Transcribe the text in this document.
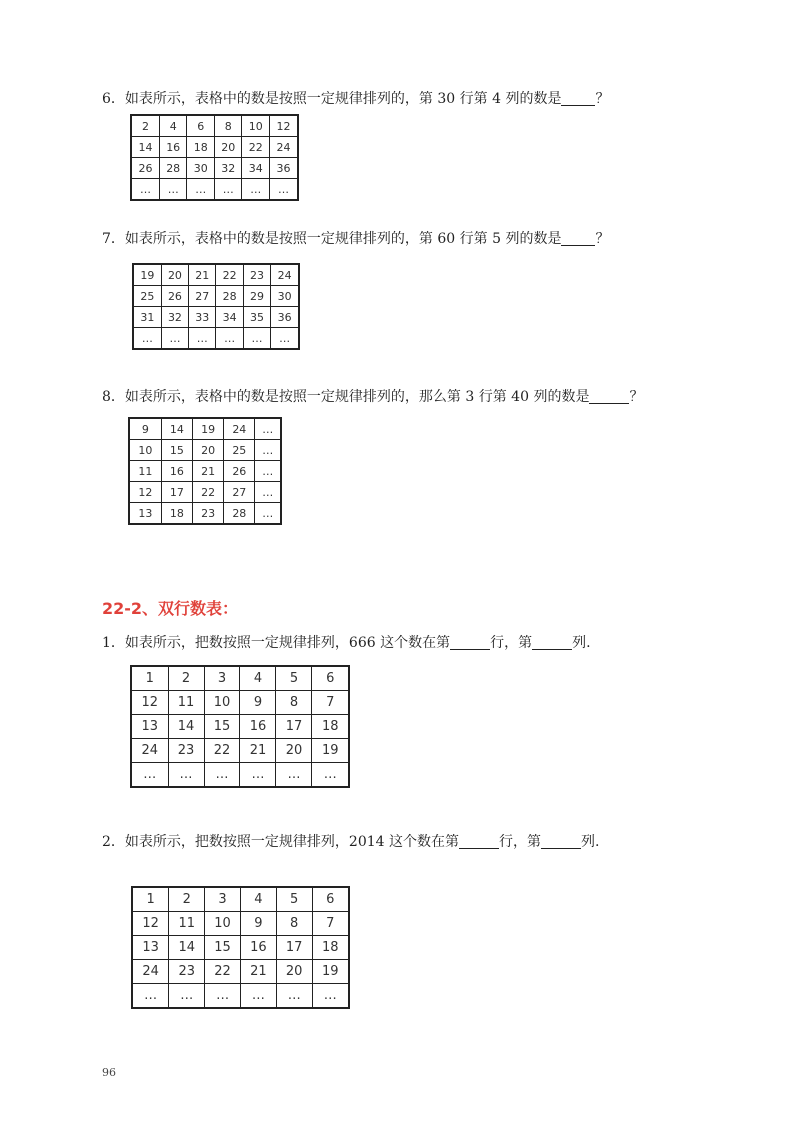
6．如表所示，表格中的数是按照一定规律排列的，第 30 行第 4 列的数是 ？
2	4	6	8	10	12
14	16	18	20	22	24
26	28	30	32	34	36
…	…	…	…	…	…
7．如表所示，表格中的数是按照一定规律排列的，第 60 行第 5 列的数是 ？
19	20	21	22	23	24
25	26	27	28	29	30
31	32	33	34	35	36
…	…	…	…	…	…
8．如表所示，表格中的数是按照一定规律排列的，那么第 3 行第 40 列的数是	？
9	14	19	24	…
10	15	20	25	…
11	16	21	26	…
12	17	22	27	…
13	18	23	28	…
22-2、双行数表：
1．如表所示，把数按照一定规律排列，666 这个数在第	行，第	列.
1	2	3	4	5	6
12	11	10	9	8	7
13	14	15	16	17	18
24	23	22	21	20	19
…	…	…	…	…	…
2．如表所示，把数按照一定规律排列，2014 这个数在第	行，第	列.
1	2	3	4	5	6
12	11	10	9	8	7
13	14	15	16	17	18
24	23	22	21	20	19
…	…	…	…	…	…
96
